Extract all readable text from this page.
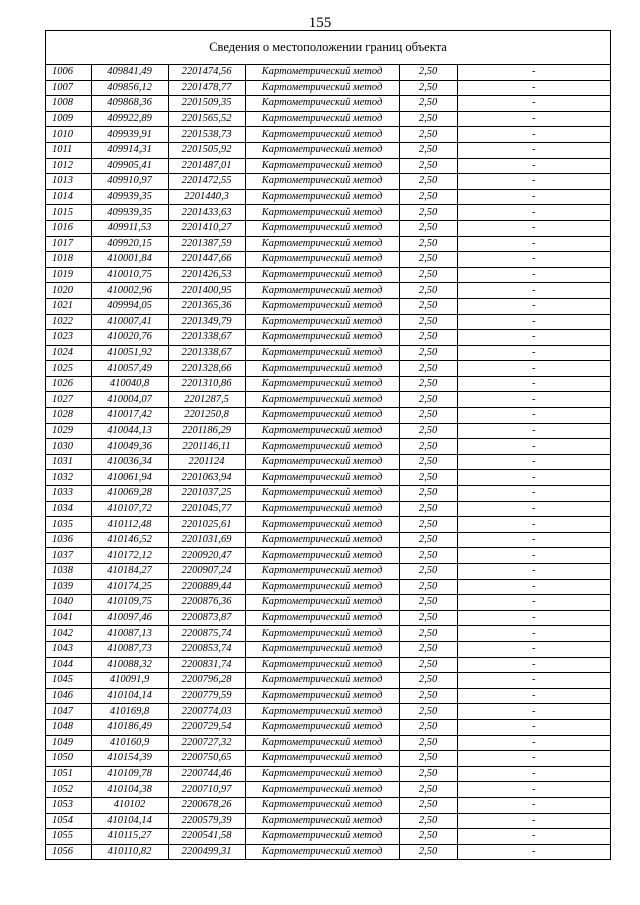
155
Сведения о местоположении границ объекта
1006	409841,49	2201474,56	Картометрический метод	2,50	-
1007	409856,12	2201478,77	Картометрический метод	2,50	-
1008	409868,36	2201509,35	Картометрический метод	2,50	-
1009	409922,89	2201565,52	Картометрический метод	2,50	-
1010	409939,91	2201538,73	Картометрический метод	2,50	-
1011	409914,31	2201505,92	Картометрический метод	2,50	-
1012	409905,41	2201487,01	Картометрический метод	2,50	-
1013	409910,97	2201472,55	Картометрический метод	2,50	-
1014	409939,35	2201440,3	Картометрический метод	2,50	-
1015	409939,35	2201433,63	Картометрический метод	2,50	-
1016	409911,53	2201410,27	Картометрический метод	2,50	-
1017	409920,15	2201387,59	Картометрический метод	2,50	-
1018	410001,84	2201447,66	Картометрический метод	2,50	-
1019	410010,75	2201426,53	Картометрический метод	2,50	-
1020	410002,96	2201400,95	Картометрический метод	2,50	-
1021	409994,05	2201365,36	Картометрический метод	2,50	-
1022	410007,41	2201349,79	Картометрический метод	2,50	-
1023	410020,76	2201338,67	Картометрический метод	2,50	-
1024	410051,92	2201338,67	Картометрический метод	2,50	-
1025	410057,49	2201328,66	Картометрический метод	2,50	-
1026	410040,8	2201310,86	Картометрический метод	2,50	-
1027	410004,07	2201287,5	Картометрический метод	2,50	-
1028	410017,42	2201250,8	Картометрический метод	2,50	-
1029	410044,13	2201186,29	Картометрический метод	2,50	-
1030	410049,36	2201146,11	Картометрический метод	2,50	-
1031	410036,34	2201124	Картометрический метод	2,50	-
1032	410061,94	2201063,94	Картометрический метод	2,50	-
1033	410069,28	2201037,25	Картометрический метод	2,50	-
1034	410107,72	2201045,77	Картометрический метод	2,50	-
1035	410112,48	2201025,61	Картометрический метод	2,50	-
1036	410146,52	2201031,69	Картометрический метод	2,50	-
1037	410172,12	2200920,47	Картометрический метод	2,50	-
1038	410184,27	2200907,24	Картометрический метод	2,50	-
1039	410174,25	2200889,44	Картометрический метод	2,50	-
1040	410109,75	2200876,36	Картометрический метод	2,50	-
1041	410097,46	2200873,87	Картометрический метод	2,50	-
1042	410087,13	2200875,74	Картометрический метод	2,50	-
1043	410087,73	2200853,74	Картометрический метод	2,50	-
1044	410088,32	2200831,74	Картометрический метод	2,50	-
1045	410091,9	2200796,28	Картометрический метод	2,50	-
1046	410104,14	2200779,59	Картометрический метод	2,50	-
1047	410169,8	2200774,03	Картометрический метод	2,50	-
1048	410186,49	2200729,54	Картометрический метод	2,50	-
1049	410160,9	2200727,32	Картометрический метод	2,50	-
1050	410154,39	2200750,65	Картометрический метод	2,50	-
1051	410109,78	2200744,46	Картометрический метод	2,50	-
1052	410104,38	2200710,97	Картометрический метод	2,50	-
1053	410102	2200678,26	Картометрический метод	2,50	-
1054	410104,14	2200579,39	Картометрический метод	2,50	-
1055	410115,27	2200541,58	Картометрический метод	2,50	-
1056	410110,82	2200499,31	Картометрический метод	2,50	-
